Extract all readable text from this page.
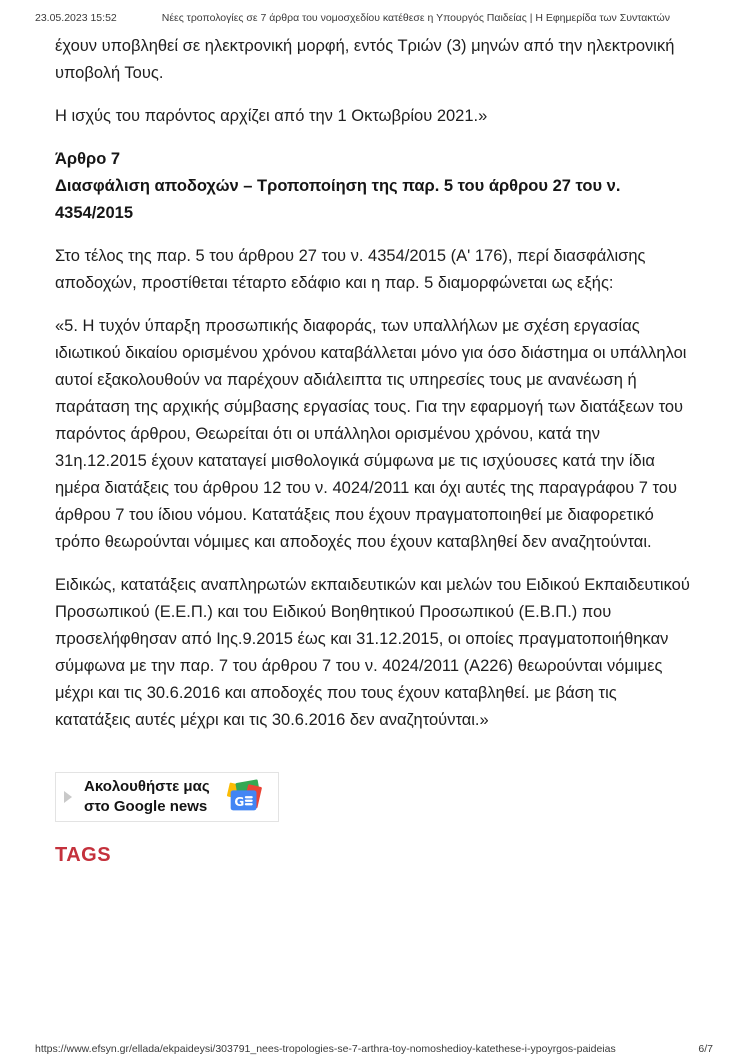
23.05.2023 15:52	Νέες τροπολογίες σε 7 άρθρα του νομοσχεδίου κατέθεσε η Υπουργός Παιδείας | Η Εφημερίδα των Συντακτών

έχουν υποβληθεί σε ηλεκτρονική μορφή, εντός Τριών (3) μηνών από την ηλεκτρονική υποβολή Τους.

Η ισχύς του παρόντος αρχίζει από την 1 Οκτωβρίου 2021.»

Άρθρο 7
Διασφάλιση αποδοχών – Τροποποίηση της παρ. 5 του άρθρου 27 του ν. 4354/2015

Στο τέλος της παρ. 5 του άρθρου 27 του ν. 4354/2015 (Α' 176), περί διασφάλισης αποδοχών, προστίθεται τέταρτο εδάφιο και η παρ. 5 διαμορφώνεται ως εξής:

«5. Η τυχόν ύπαρξη προσωπικής διαφοράς, των υπαλλήλων με σχέση εργασίας ιδιωτικού δικαίου ορισμένου χρόνου καταβάλλεται μόνο για όσο διάστημα οι υπάλληλοι αυτοί εξακολουθούν να παρέχουν αδιάλειπτα τις υπηρεσίες τους με ανανέωση ή παράταση της αρχικής σύμβασης εργασίας τους. Για την εφαρμογή των διατάξεων του παρόντος άρθρου, Θεωρείται ότι οι υπάλληλοι ορισμένου χρόνου, κατά την 31η.12.2015 έχουν καταταγεί μισθολογικά σύμφωνα με τις ισχύουσες κατά την ίδια ημέρα διατάξεις του άρθρου 12 του ν. 4024/2011 και όχι αυτές της παραγράφου 7 του άρθρου 7 του ίδιου νόμου. Κατατάξεις που έχουν πραγματοποιηθεί με διαφορετικό τρόπο θεωρούνται νόμιμες και αποδοχές που έχουν καταβληθεί δεν αναζητούνται.

Ειδικώς, κατατάξεις αναπληρωτών εκπαιδευτικών και μελών του Ειδικού Εκπαιδευτικού Προσωπικού (Ε.Ε.Π.) και του Ειδικού Βοηθητικού Προσωπικού (Ε.Β.Π.) που προσελήφθησαν από Ιης.9.2015 έως και 31.12.2015, οι οποίες πραγματοποιήθηκαν σύμφωνα με την παρ. 7 του άρθρου 7 του ν. 4024/2011 (Α226) θεωρούνται νόμιμες μέχρι και τις 30.6.2016 και αποδοχές που τους έχουν καταβληθεί. με βάση τις κατατάξεις αυτές μέχρι και τις 30.6.2016 δεν αναζητούνται.»

Ακολουθήστε μας
στο Google news G
TAGS
https://www.efsyn.gr/ellada/ekpaideysi/303791_nees-tropologies-se-7-arthra-toy-nomoshedioy-katethese-i-ypoyrgos-paideias	6/7
